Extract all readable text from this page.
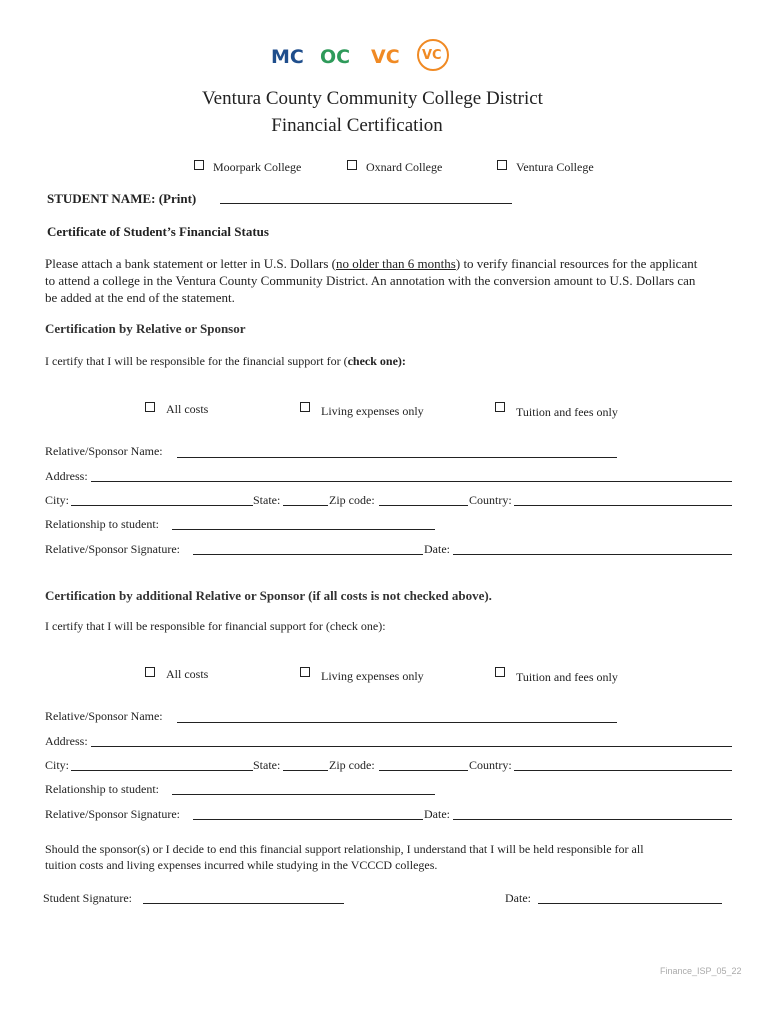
MC OC VC VC
Ventura County Community College District
Financial Certification
Moorpark College	Oxnard College	Ventura College
STUDENT NAME: (Print)
Certificate of Student’s Financial Status
Please attach a bank statement or letter in U.S. Dollars (no older than 6 months) to verify financial resources for the applicant
to attend a college in the Ventura County Community District. An annotation with the conversion amount to U.S. Dollars can
be added at the end of the statement.
Certification by Relative or Sponsor
I certify that I will be responsible for the financial support for (check one):
All costs	Living expenses only	Tuition and fees only
Relative/Sponsor Name:
Address:
City:	State:	Zip code:	Country:
Relationship to student:
Relative/Sponsor Signature:	Date:
Certification by additional Relative or Sponsor (if all costs is not checked above).
I certify that I will be responsible for financial support for (check one):
All costs	Living expenses only	Tuition and fees only
Relative/Sponsor Name:
Address:
City:	State:	Zip code:	Country:
Relationship to student:
Relative/Sponsor Signature:	Date:
Should the sponsor(s) or I decide to end this financial support relationship, I understand that I will be held responsible for all
tuition costs and living expenses incurred while studying in the VCCCD colleges.
Student Signature:	Date:
Finance_ISP_05_22
